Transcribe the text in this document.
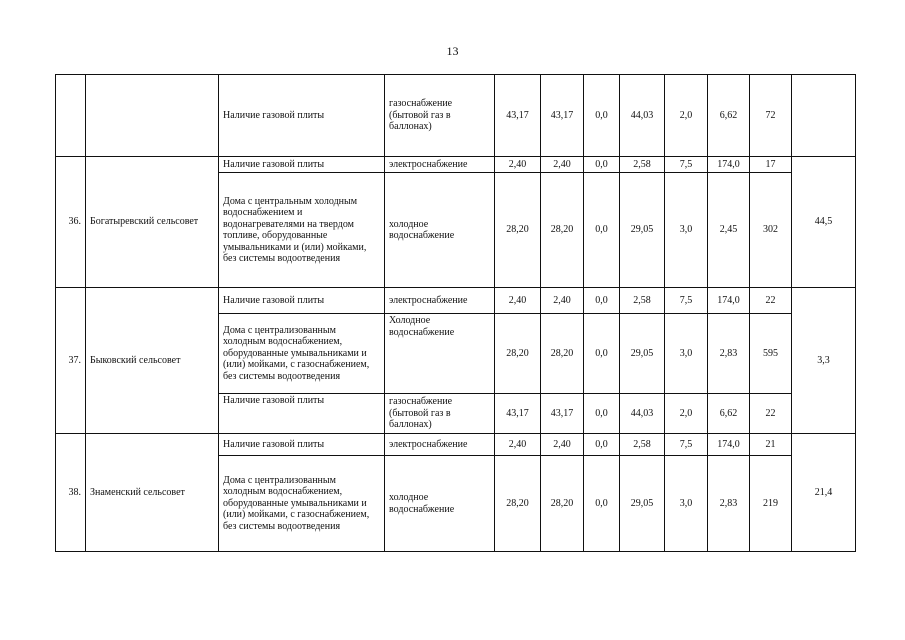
13
		Наличие газовой плиты	газоснабжение (бытовой газ в баллонах)	43,17	43,17	0,0	44,03	2,0	6,62	72	
36.	Богатыревский сельсовет	Наличие газовой плиты	электроснабжение	2,40	2,40	0,0	2,58	7,5	174,0	17	44,5
		Дома с центральным холодным водоснабжением и водонагревателями на твердом топливе, оборудованные умывальниками и (или) мойками, без системы водоотведения	холодное водоснабжение	28,20	28,20	0,0	29,05	3,0	2,45	302	
37.	Быковский сельсовет	Наличие газовой плиты	электроснабжение	2,40	2,40	0,0	2,58	7,5	174,0	22	3,3
		Дома с централизованным холодным водоснабжением, оборудованные умывальниками и (или) мойками, с газоснабжением, без системы водоотведения	Холодное водоснабжение	28,20	28,20	0,0	29,05	3,0	2,83	595	
		Наличие газовой плиты	газоснабжение (бытовой газ в баллонах)	43,17	43,17	0,0	44,03	2,0	6,62	22	
38.	Знаменский сельсовет	Наличие газовой плиты	электроснабжение	2,40	2,40	0,0	2,58	7,5	174,0	21	21,4
		Дома с централизованным холодным водоснабжением, оборудованные умывальниками и (или) мойками, с газоснабжением, без системы водоотведения	холодное водоснабжение	28,20	28,20	0,0	29,05	3,0	2,83	219	
